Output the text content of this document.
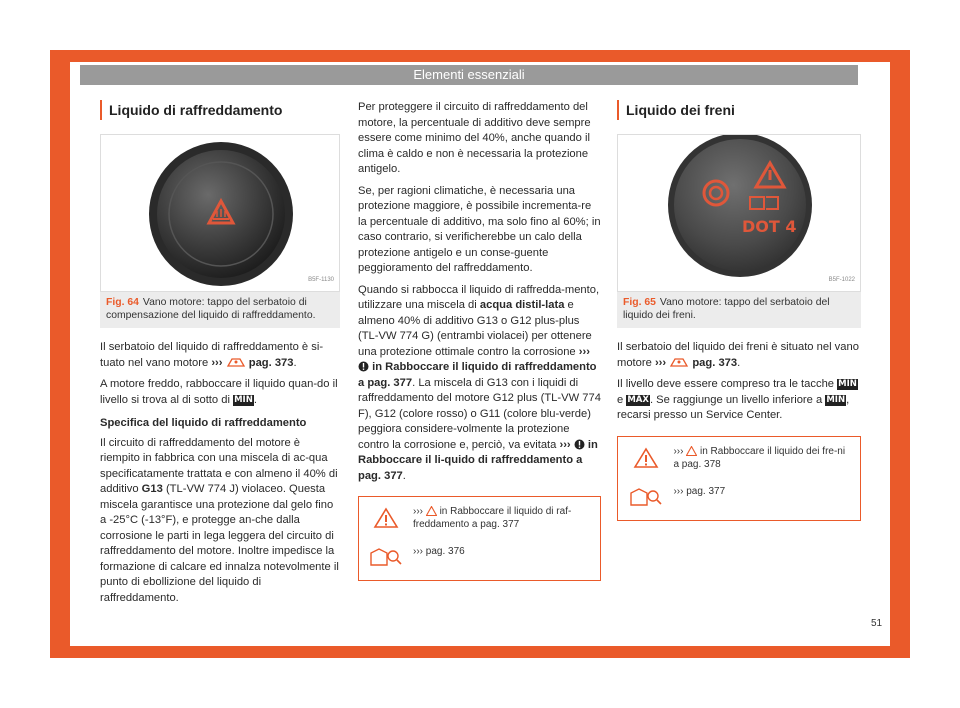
Elementi essenziali
Liquido di raffreddamento
B5F-1130
Fig. 64 Vano motore: tappo del serbatoio di compensazione del liquido di raffreddamento.

Il serbatoio del liquido di raffreddamento è si-tuato nel vano motore ››› pag. 373.

A motore freddo, rabboccare il liquido quan-do il livello si trova al di sotto di MIN.

Specifica del liquido di raffreddamento

Il circuito di raffreddamento del motore è riempito in fabbrica con una miscela di ac-qua specificatamente trattata e con almeno il 40% di additivo G13 (TL-VW 774 J) violaceo. Questa miscela garantisce una protezione dal gelo fino a -25°C (-13°F), e protegge an-che dalla corrosione le parti in lega leggera del circuito di raffreddamento del motore. Inoltre impedisce la formazione di calcare ed innalza notevolmente il punto di ebollizione del liquido di raffreddamento.

Per proteggere il circuito di raffreddamento del motore, la percentuale di additivo deve sempre essere come minimo del 40%, anche quando il clima è caldo e non è necessaria la protezione antigelo.

Se, per ragioni climatiche, è necessaria una protezione maggiore, è possibile incrementa-re la percentuale di additivo, ma solo fino al 60%; in caso contrario, si verificherebbe un calo della protezione antigelo e un conse-guente peggioramento del raffreddamento.

Quando si rabbocca il liquido di raffredda-mento, utilizzare una miscela di acqua distil-lata e almeno 40% di additivo G13 o G12 plus-plus (TL-VW 774 G) (entrambi violacei) per ottenere una protezione ottimale contro la corrosione ›››  in Rabboccare il liquido di raffreddamento a pag. 377. La miscela di G13 con i liquidi di raffreddamento del motore G12 plus (TL-VW 774 F), G12 (colore rosso) o G11 (colore blu-verde) peggiora considere-volmente la protezione contro la corrosione e, perciò, va evitata ››› in Rabboccare il li-quido di raffreddamento a pag. 377.

››› in Rabboccare il liquido di raf-freddamento a pag. 377
››› pag. 376
Liquido dei freni
DOT 4
B5F-1022
Fig. 65 Vano motore: tappo del serbatoio del liquido dei freni.

Il serbatoio del liquido dei freni è situato nel vano motore ››› pag. 373.

Il livello deve essere compreso tra le tacche MIN e MAX. Se raggiunge un livello inferiore a MIN, recarsi presso un Service Center.

››› in Rabboccare il liquido dei fre-ni a pag. 378
››› pag. 377
51
